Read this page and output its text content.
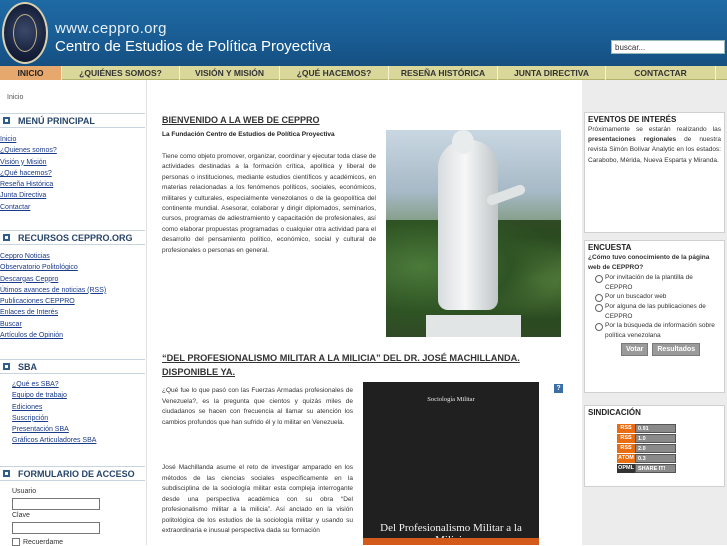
www.ceppro.org
Centro de Estudios de Política Proyectiva	buscar...
INICIO	¿QUIÉNES SOMOS?	VISIÓN Y MISIÓN	¿QUÉ HACEMOS?	RESEÑA HISTÓRICA	JUNTA DIRECTIVA	CONTACTAR
Inicio
MENÚ PRINCIPAL
Inicio
¿Quienes somos?
Visión y Misión
¿Qué hacemos?
Reseña Histórica
Junta Directiva
Contactar
RECURSOS CEPPRO.ORG
Ceppro Noticias
Observatorio Politológico
Descargas Ceppro
Útimos avances de noticias (RSS)
Publicaciones CEPPRO
Enlaces de Interés
Buscar
Artículos de Opinión
SBA
¿Qué es SBA?
Equipo de trabajo
Ediciones
Suscripción
Presentación SBA
Gráficos Articuladores SBA
FORMULARIO DE ACCESO
Usuario
Clave
Recuerdame
BIENVENIDO A LA WEB DE CEPPRO
La Fundación Centro de Estudios de Política Proyectiva
Tiene como objeto promover, organizar, coordinar y ejecutar toda clase de actividades destinadas a la formación crítica, apolítica y liberal de personas o instituciones, mediante estudios científicos y académicos, en materias relacionadas a los fenómenos políticos, sociales, económicos, militares y culturales, especialmente venezolanos o de la geopolítica del continente mundial. Asesorar, colaborar y dirigir diplomados, seminarios, cursos, programas de adiestramiento y capacitación de profesionales, así como elaborar propuestas programadas o cualquier otra actividad para el desarrollo del pensamiento político, económico, social y cultural de profesionales o personas en general.
“DEL PROFESIONALISMO MILITAR A LA MILICIA” DEL DR. JOSÉ MACHILLANDA. DISPONIBLE YA.
?
¿Qué fue lo que pasó con las Fuerzas Armadas profesionales de Venezuela?, es la pregunta que cientos y quizás miles de ciudadanos se hacen con frecuencia al llamar su atención los cambios profundos que han sufrido él y lo militar en Venezuela.
José Machillanda asume el reto de investigar amparado en los métodos de las ciencias sociales específicamente en la subdisciplina de la sociología militar esta compleja interrogante desde una perspectiva académica con su obra “Del profesionalismo militar a la milicia”. Así anclado en la visión politológica de los estudios de la sociología militar y usando su extraordinaria e inusual perspectiva dada su formación
Sociología Militar
Del Profesionalismo Militar a la
EVENTOS DE INTERÉS
Próximamente se estarán realizando las presentaciones regionales de nuestra revista Simón Bolívar Analytic en los estados: Carabobo, Mérida, Nueva Esparta y Miranda.
ENCUESTA
¿Cómo tuvo conocimiento de la página web de CEPPRO?
Por invitación de la plantilla de CEPPRO
Por un buscador web
Por alguna de las publicaciones de CEPPRO
Por la búsqueda de información sobre política venezolana
Votar	Resultados
SINDICACIÓN
RSS	0.91
RSS	1.0
RSS	2.0
ATOM 0.3
OPML SHARE IT!
